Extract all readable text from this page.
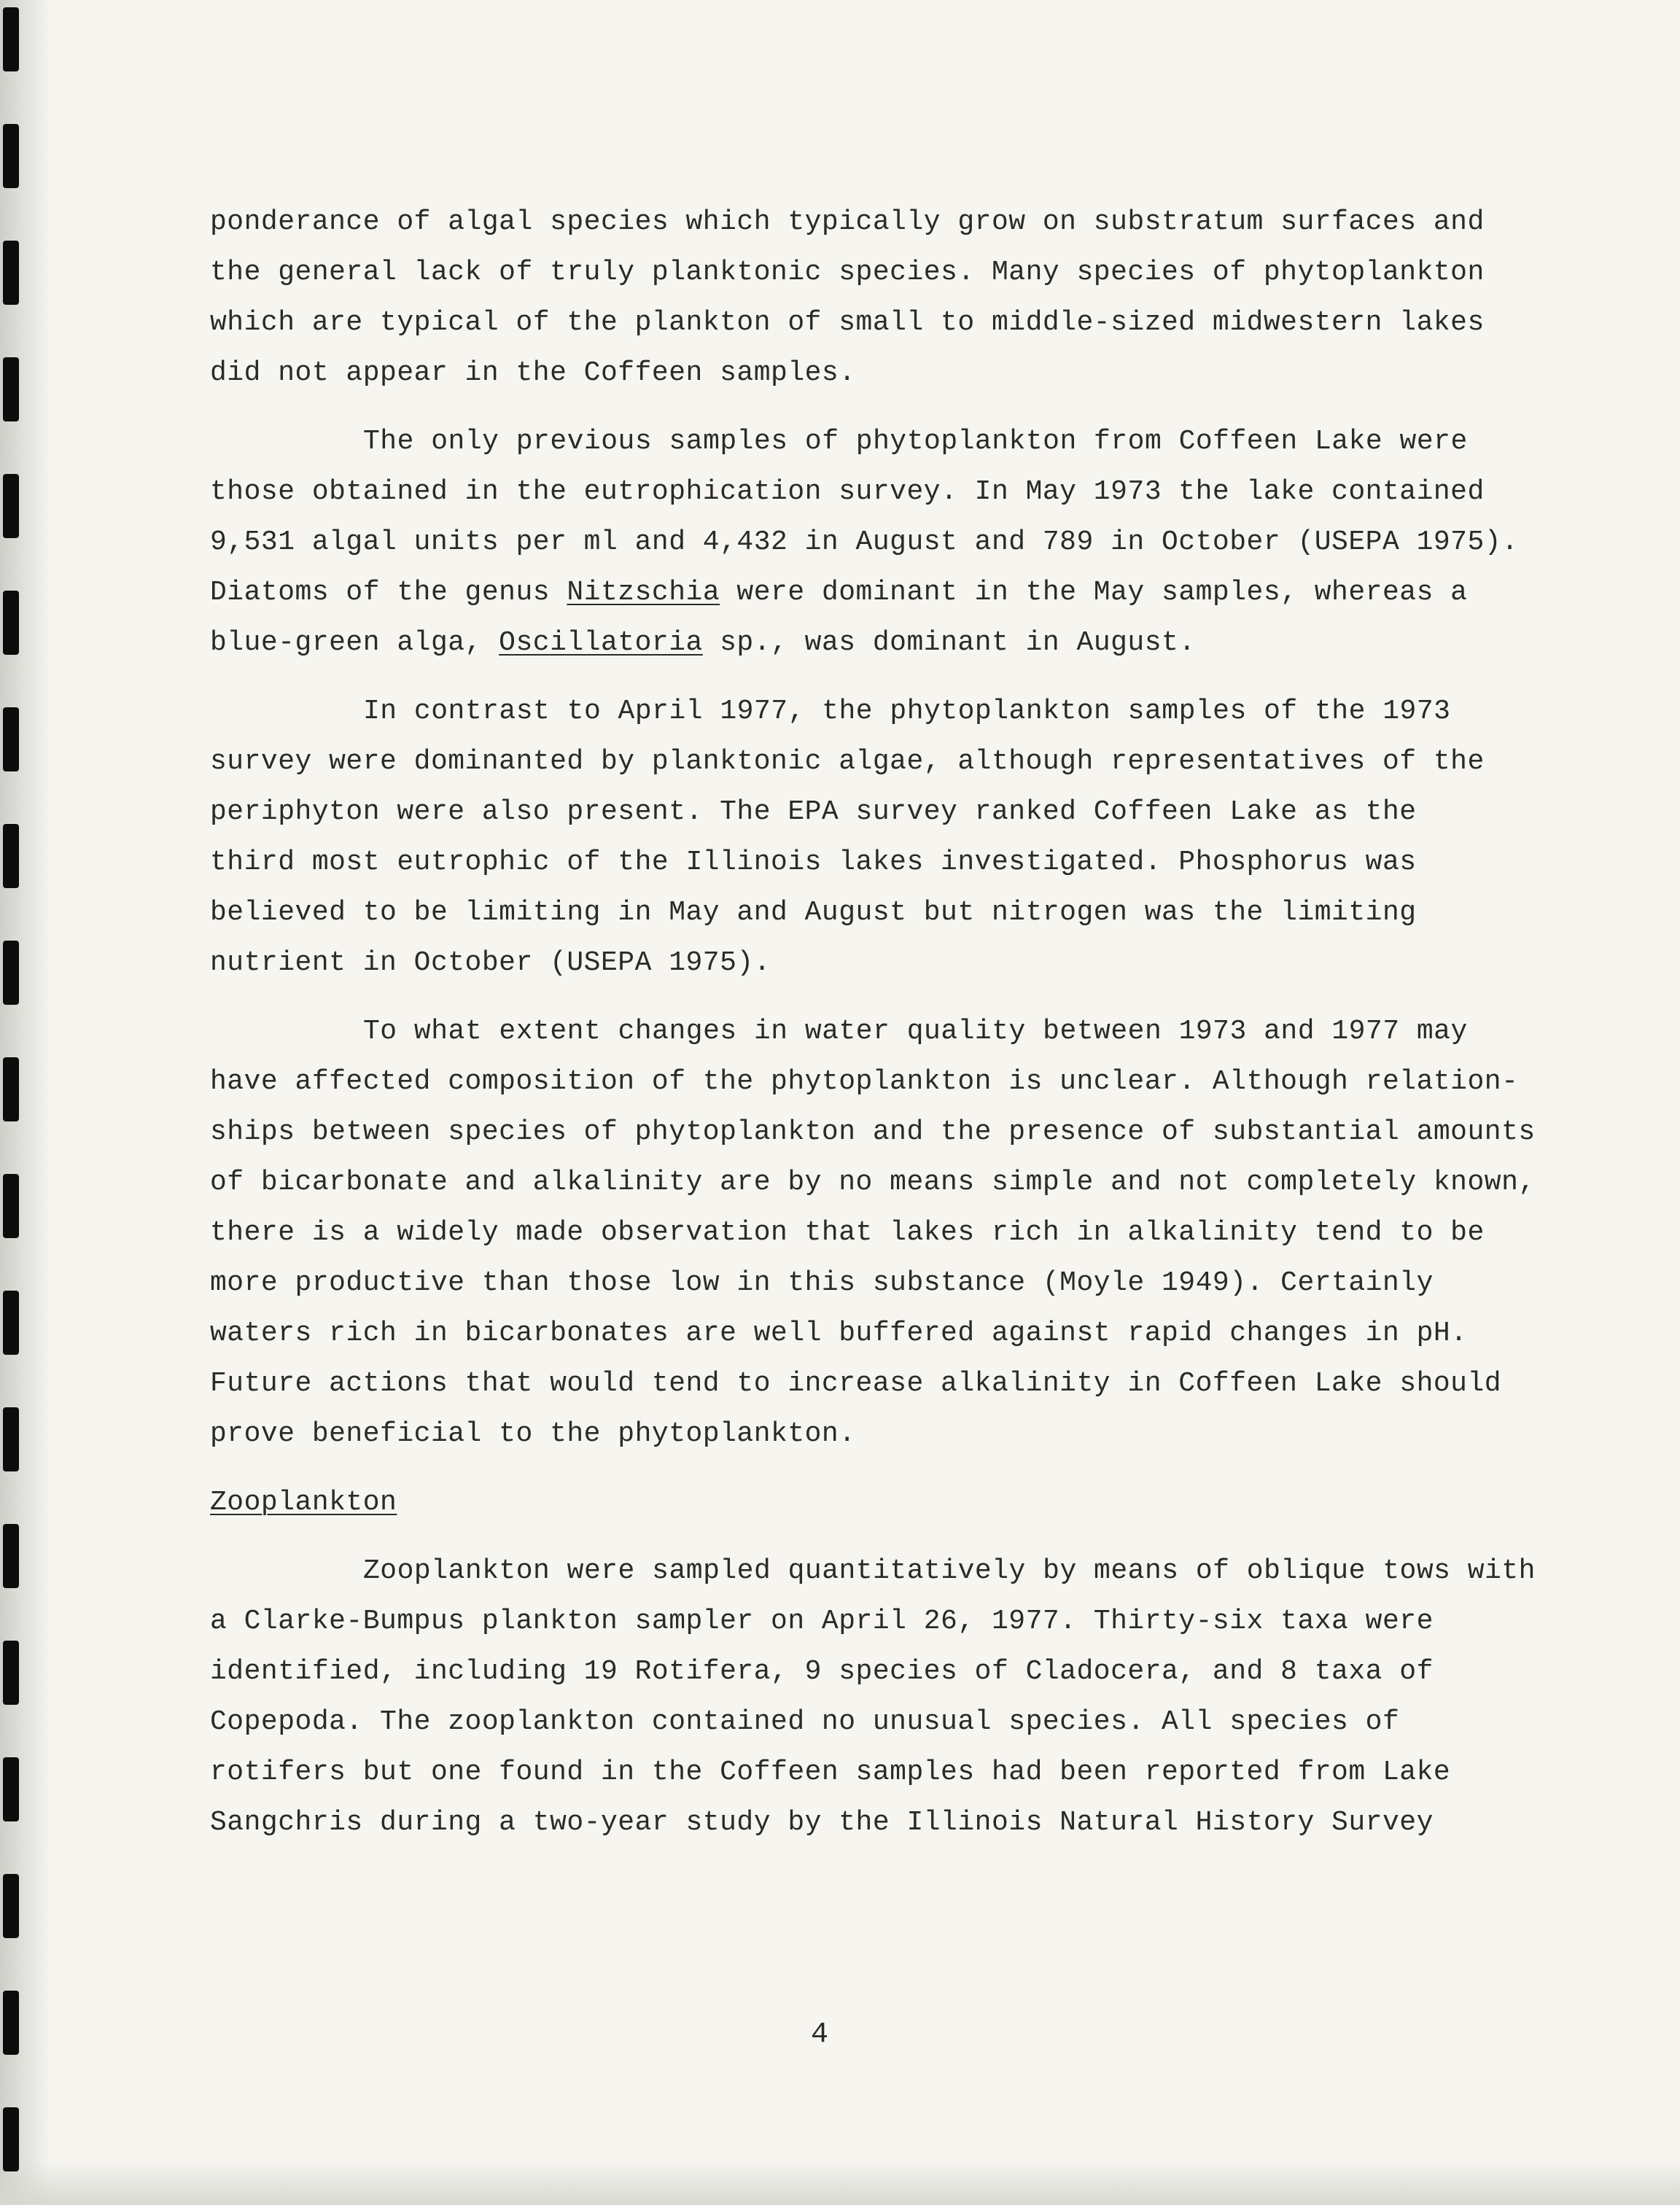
ponderance of algal species which typically grow on substratum surfaces and
the general lack of truly planktonic species. Many species of phytoplankton
which are typical of the plankton of small to middle-sized midwestern lakes
did not appear in the Coffeen samples.
The only previous samples of phytoplankton from Coffeen Lake were
those obtained in the eutrophication survey. In May 1973 the lake contained
9,531 algal units per ml and 4,432 in August and 789 in October (USEPA 1975).
Diatoms of the genus Nitzschia were dominant in the May samples, whereas a
blue-green alga, Oscillatoria sp., was dominant in August.
In contrast to April 1977, the phytoplankton samples of the 1973
survey were dominanted by planktonic algae, although representatives of the
periphyton were also present. The EPA survey ranked Coffeen Lake as the
third most eutrophic of the Illinois lakes investigated. Phosphorus was
believed to be limiting in May and August but nitrogen was the limiting
nutrient in October (USEPA 1975).
To what extent changes in water quality between 1973 and 1977 may
have affected composition of the phytoplankton is unclear. Although relation-
ships between species of phytoplankton and the presence of substantial amounts
of bicarbonate and alkalinity are by no means simple and not completely known,
there is a widely made observation that lakes rich in alkalinity tend to be
more productive than those low in this substance (Moyle 1949). Certainly
waters rich in bicarbonates are well buffered against rapid changes in pH.
Future actions that would tend to increase alkalinity in Coffeen Lake should
prove beneficial to the phytoplankton.
Zooplankton
Zooplankton were sampled quantitatively by means of oblique tows with
a Clarke-Bumpus plankton sampler on April 26, 1977. Thirty-six taxa were
identified, including 19 Rotifera, 9 species of Cladocera, and 8 taxa of
Copepoda. The zooplankton contained no unusual species. All species of
rotifers but one found in the Coffeen samples had been reported from Lake
Sangchris during a two-year study by the Illinois Natural History Survey
4
